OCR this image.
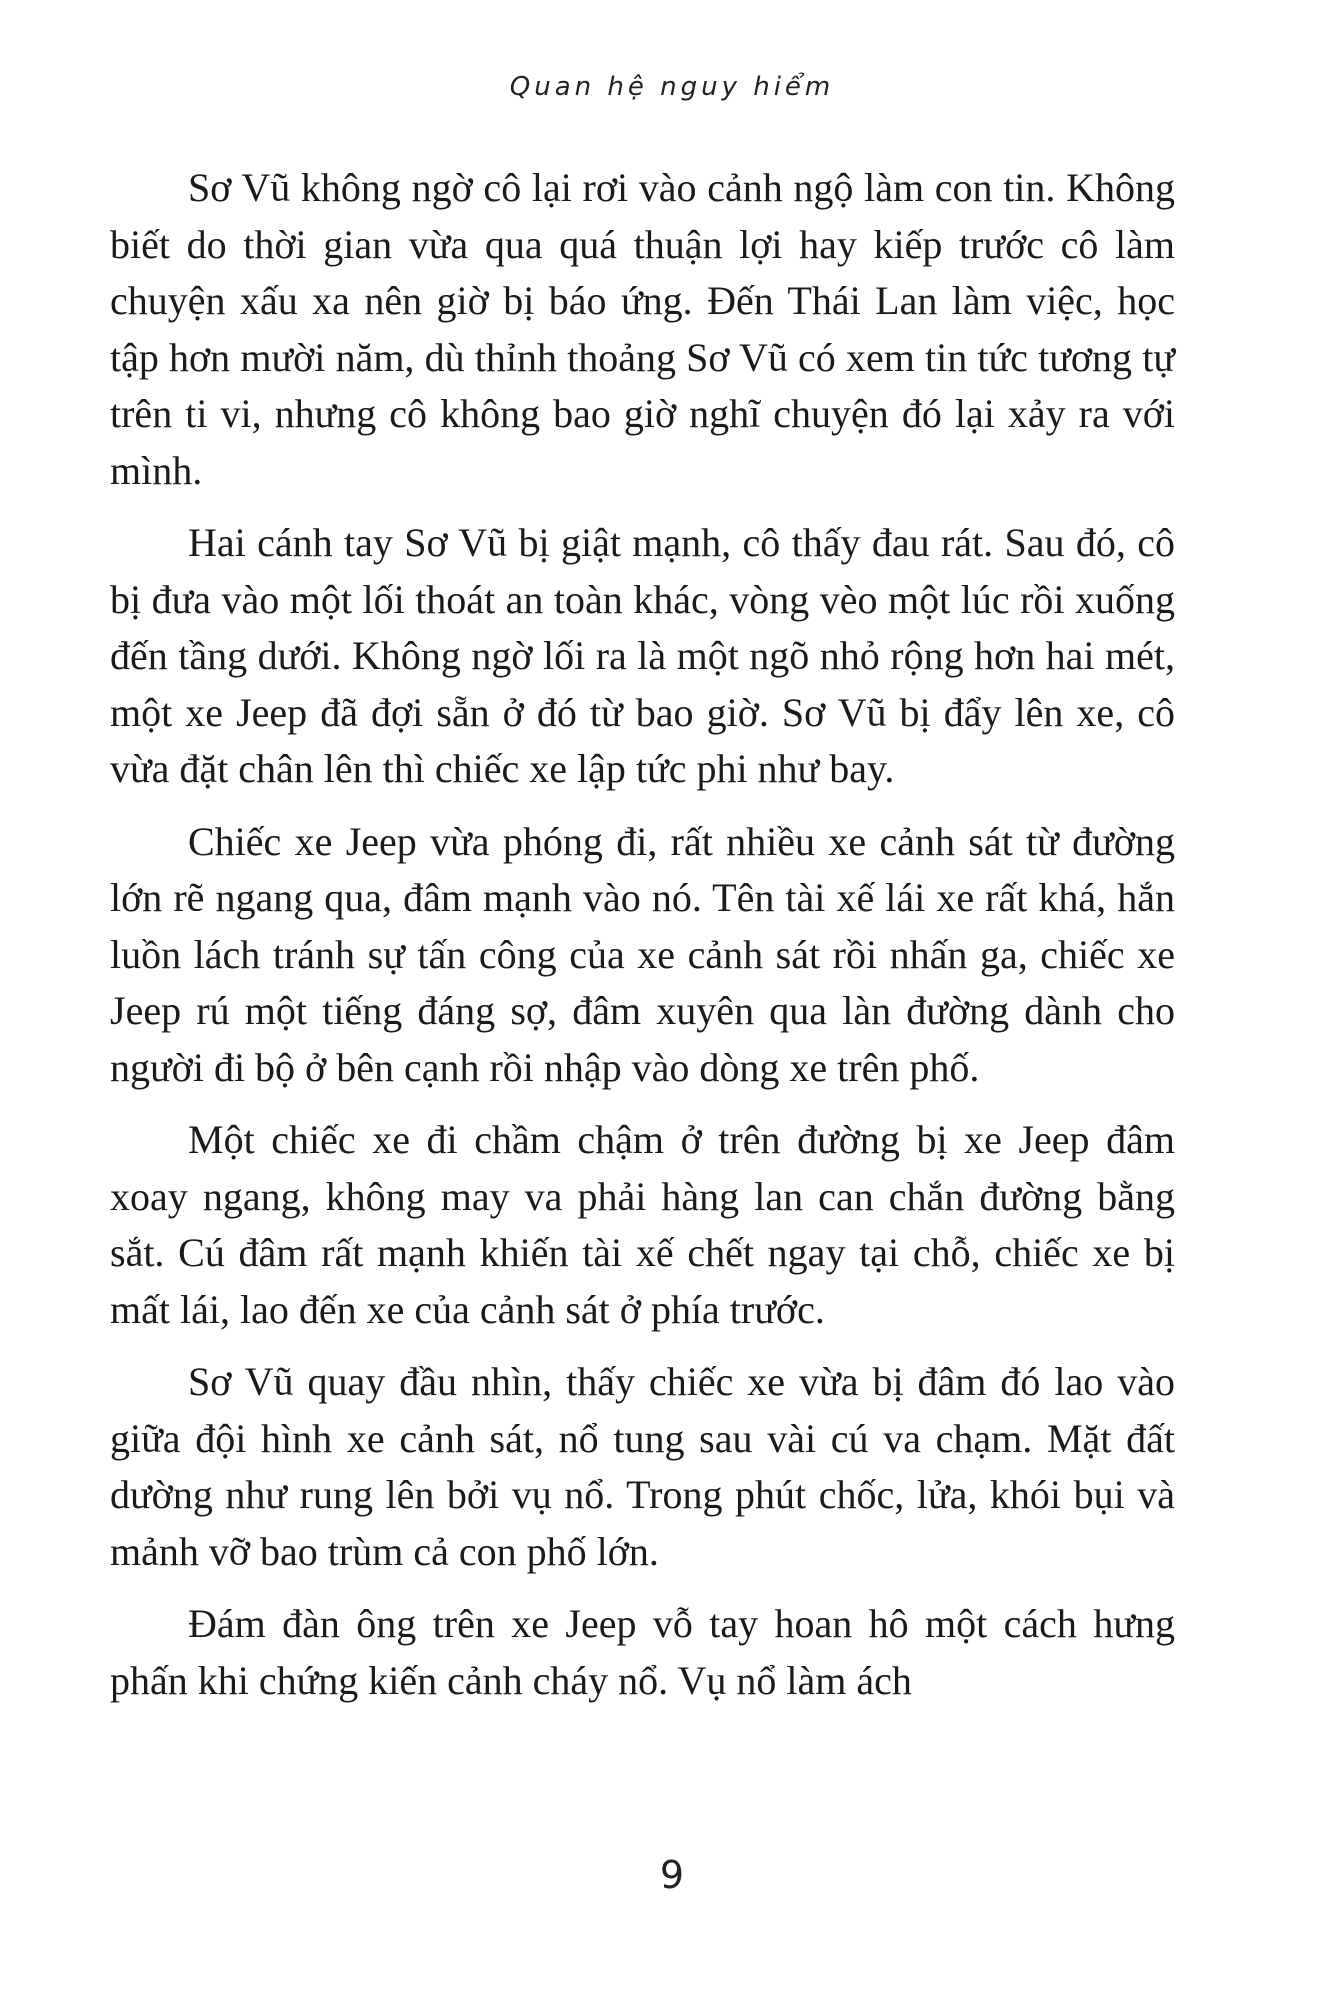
Quan hệ nguy hiểm

Sơ Vũ không ngờ cô lại rơi vào cảnh ngộ làm con tin. Không biết do thời gian vừa qua quá thuận lợi hay kiếp trước cô làm chuyện xấu xa nên giờ bị báo ứng. Đến Thái Lan làm việc, học tập hơn mười năm, dù thỉnh thoảng Sơ Vũ có xem tin tức tương tự trên ti vi, nhưng cô không bao giờ nghĩ chuyện đó lại xảy ra với mình.

Hai cánh tay Sơ Vũ bị giật mạnh, cô thấy đau rát. Sau đó, cô bị đưa vào một lối thoát an toàn khác, vòng vèo một lúc rồi xuống đến tầng dưới. Không ngờ lối ra là một ngõ nhỏ rộng hơn hai mét, một xe Jeep đã đợi sẵn ở đó từ bao giờ. Sơ Vũ bị đẩy lên xe, cô vừa đặt chân lên thì chiếc xe lập tức phi như bay.

Chiếc xe Jeep vừa phóng đi, rất nhiều xe cảnh sát từ đường lớn rẽ ngang qua, đâm mạnh vào nó. Tên tài xế lái xe rất khá, hắn luồn lách tránh sự tấn công của xe cảnh sát rồi nhấn ga, chiếc xe Jeep rú một tiếng đáng sợ, đâm xuyên qua làn đường dành cho người đi bộ ở bên cạnh rồi nhập vào dòng xe trên phố.

Một chiếc xe đi chầm chậm ở trên đường bị xe Jeep đâm xoay ngang, không may va phải hàng lan can chắn đường bằng sắt. Cú đâm rất mạnh khiến tài xế chết ngay tại chỗ, chiếc xe bị mất lái, lao đến xe của cảnh sát ở phía trước.

Sơ Vũ quay đầu nhìn, thấy chiếc xe vừa bị đâm đó lao vào giữa đội hình xe cảnh sát, nổ tung sau vài cú va chạm. Mặt đất dường như rung lên bởi vụ nổ. Trong phút chốc, lửa, khói bụi và mảnh vỡ bao trùm cả con phố lớn.

Đám đàn ông trên xe Jeep vỗ tay hoan hô một cách hưng phấn khi chứng kiến cảnh cháy nổ. Vụ nổ làm ách

9
